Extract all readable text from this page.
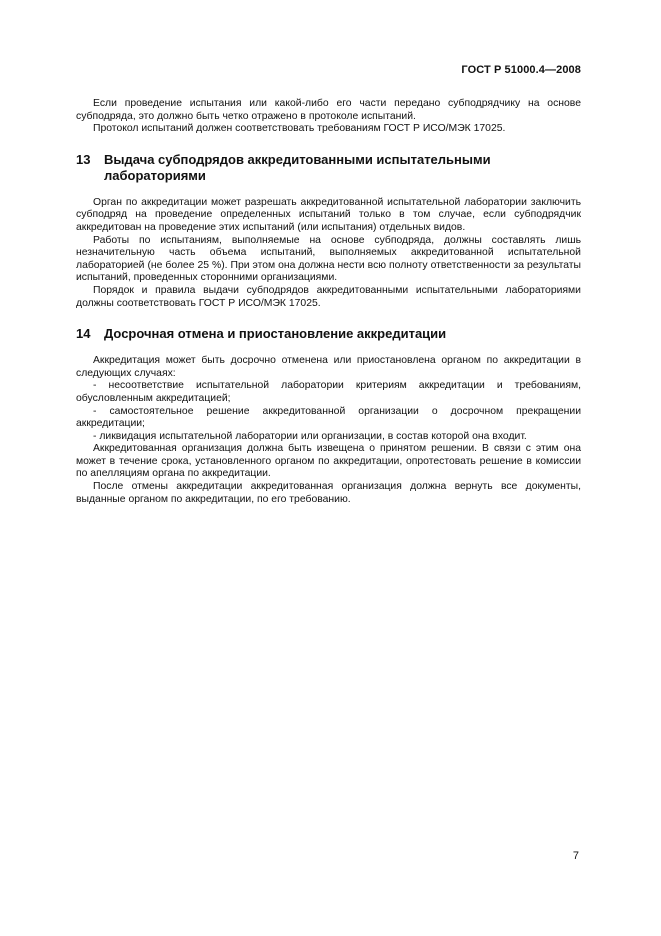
ГОСТ Р 51000.4—2008

Если проведение испытания или какой-либо его части передано субподрядчику на основе субподряда, это должно быть четко отражено в протоколе испытаний.

Протокол испытаний должен соответствовать требованиям ГОСТ Р ИСО/МЭК 17025.

13	Выдача субподрядов аккредитованными испытательными лабораториями

Орган по аккредитации может разрешать аккредитованной испытательной лаборатории заключить субподряд на проведение определенных испытаний только в том случае, если субподрядчик аккредитован на проведение этих испытаний (или испытания) отдельных видов.

Работы по испытаниям, выполняемые на основе субподряда, должны составлять лишь незначительную часть объема испытаний, выполняемых аккредитованной испытательной лабораторией (не более 25 %). При этом она должна нести всю полноту ответственности за результаты испытаний, проведенных сторонними организациями.

Порядок и правила выдачи субподрядов аккредитованными испытательными лабораториями должны соответствовать ГОСТ Р ИСО/МЭК 17025.

14	Досрочная отмена и приостановление аккредитации

Аккредитация может быть досрочно отменена или приостановлена органом по аккредитации в следующих случаях:

- несоответствие испытательной лаборатории критериям аккредитации и требованиям, обусловленным аккредитацией;

- самостоятельное решение аккредитованной организации о досрочном прекращении аккредитации;

- ликвидация испытательной лаборатории или организации, в состав которой она входит.

Аккредитованная организация должна быть извещена о принятом решении. В связи с этим она может в течение срока, установленного органом по аккредитации, опротестовать решение в комиссии по апелляциям органа по аккредитации.

После отмены аккредитации аккредитованная организация должна вернуть все документы, выданные органом по аккредитации, по его требованию.

7
